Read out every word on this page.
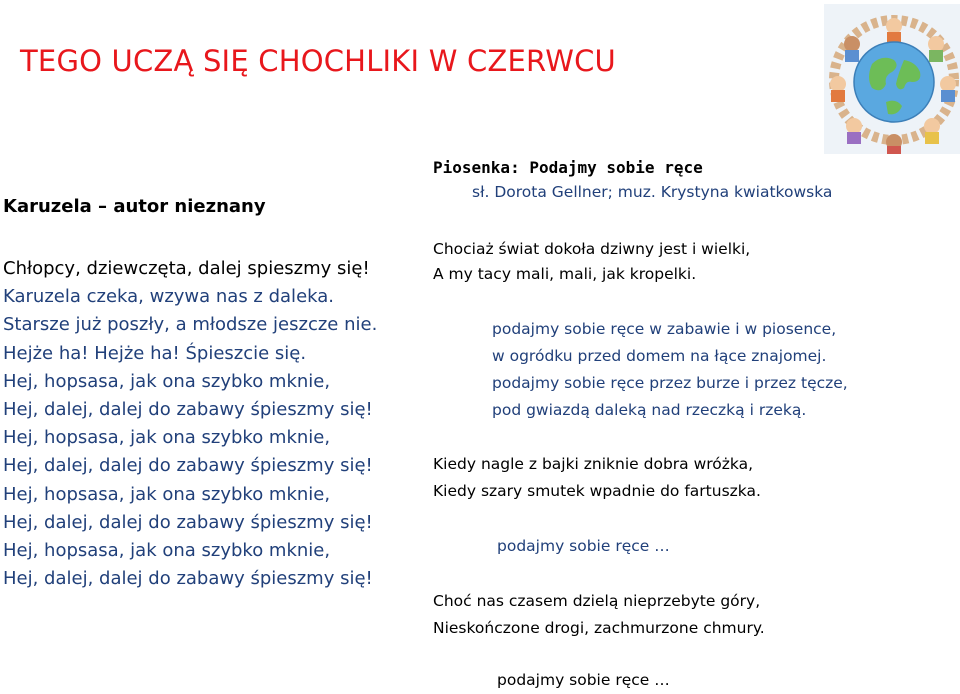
TEGO UCZĄ SIĘ CHOCHLIKI W CZERWCU
Karuzela – autor nieznany
Chłopcy, dziewczęta, dalej spieszmy się!
Karuzela czeka, wzywa nas z daleka.
Starsze już poszły, a młodsze jeszcze nie.
Hejże ha! Hejże ha! Śpieszcie się.
Hej, hopsasa, jak ona szybko mknie,
Hej, dalej, dalej do zabawy śpieszmy się!
Hej, hopsasa, jak ona szybko mknie,
Hej, dalej, dalej do zabawy śpieszmy się!
Hej, hopsasa, jak ona szybko mknie,
Hej, dalej, dalej do zabawy śpieszmy się!
Hej, hopsasa, jak ona szybko mknie,
Hej, dalej, dalej do zabawy śpieszmy się!
Piosenka: Podajmy sobie ręce
sł. Dorota Gellner; muz. Krystyna kwiatkowska
Chociaż świat dokoła dziwny jest i wielki,
A my tacy mali, mali, jak kropelki.
podajmy sobie ręce w zabawie i w piosence,
w ogródku przed domem na łące znajomej.
podajmy sobie ręce przez burze i przez tęcze,
pod gwiazdą daleką nad rzeczką i rzeką.
Kiedy nagle z bajki zniknie dobra wróżka,
Kiedy szary smutek wpadnie do fartuszka.
podajmy sobie ręce …
Choć nas czasem dzielą nieprzebyte góry,
Nieskończone drogi, zachmurzone chmury.
podajmy sobie ręce …
